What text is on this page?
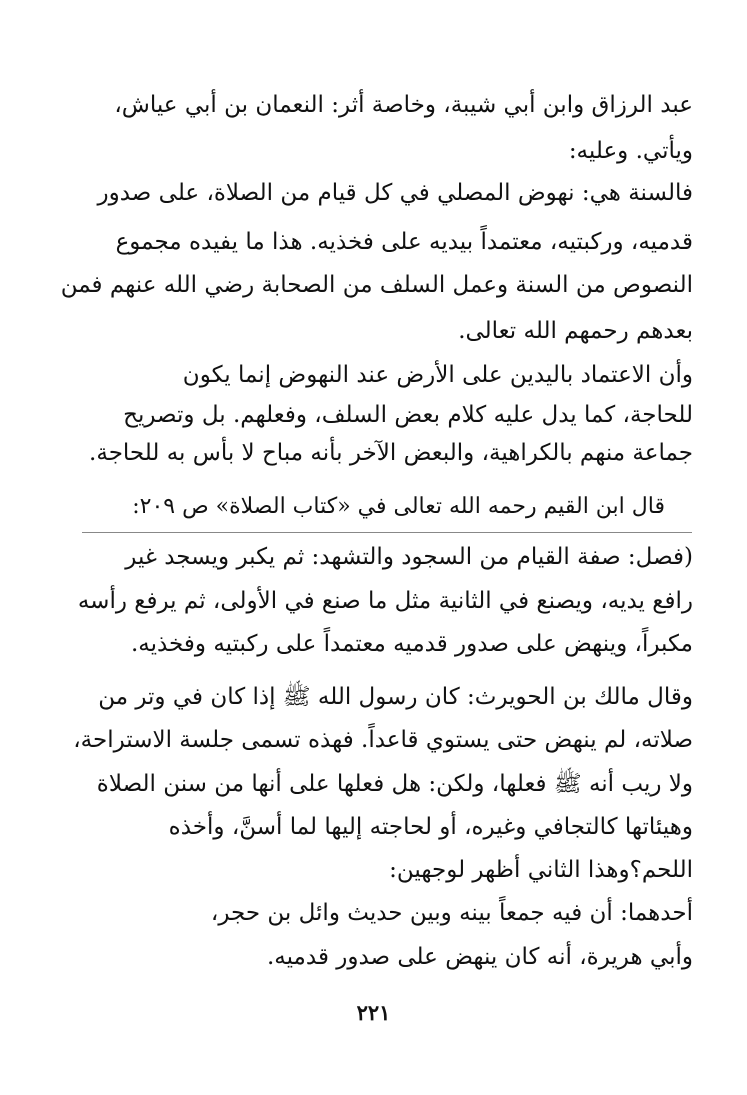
عبد الرزاق وابن أبي شيبة، وخاصة أثر: النعمان بن أبي عياش،
ويأتي. وعليه:
فالسنة هي: نهوض المصلي في كل قيام من الصلاة، على صدور
قدميه، وركبتيه، معتمداً بيديه على فخذيه. هذا ما يفيده مجموع
النصوص من السنة وعمل السلف من الصحابة رضي الله عنهم فمن
بعدهم رحمهم الله تعالى.
وأن الاعتماد باليدين على الأرض عند النهوض إنما يكون
للحاجة، كما يدل عليه كلام بعض السلف، وفعلهم. بل وتصريح
جماعة منهم بالكراهية، والبعض الآخر بأنه مباح لا بأس به للحاجة.
قال ابن القيم رحمه الله تعالى في «كتاب الصلاة» ص ٢٠٩:
(فصل: صفة القيام من السجود والتشهد: ثم يكبر ويسجد غير
رافع يديه، ويصنع في الثانية مثل ما صنع في الأولى، ثم يرفع رأسه
مكبراً، وينهض على صدور قدميه معتمداً على ركبتيه وفخذيه.
وقال مالك بن الحويرث: كان رسول الله ﷺ إذا كان في وتر من
صلاته، لم ينهض حتى يستوي قاعداً. فهذه تسمى جلسة الاستراحة،
ولا ريب أنه ﷺ فعلها، ولكن: هل فعلها على أنها من سنن الصلاة
وهيئاتها كالتجافي وغيره، أو لحاجته إليها لما أسنَّ، وأخذه
اللحم؟وهذا الثاني أظهر لوجهين:
أحدهما: أن فيه جمعاً بينه وبين حديث وائل بن حجر،
وأبي هريرة، أنه كان ينهض على صدور قدميه.
٢٢١
